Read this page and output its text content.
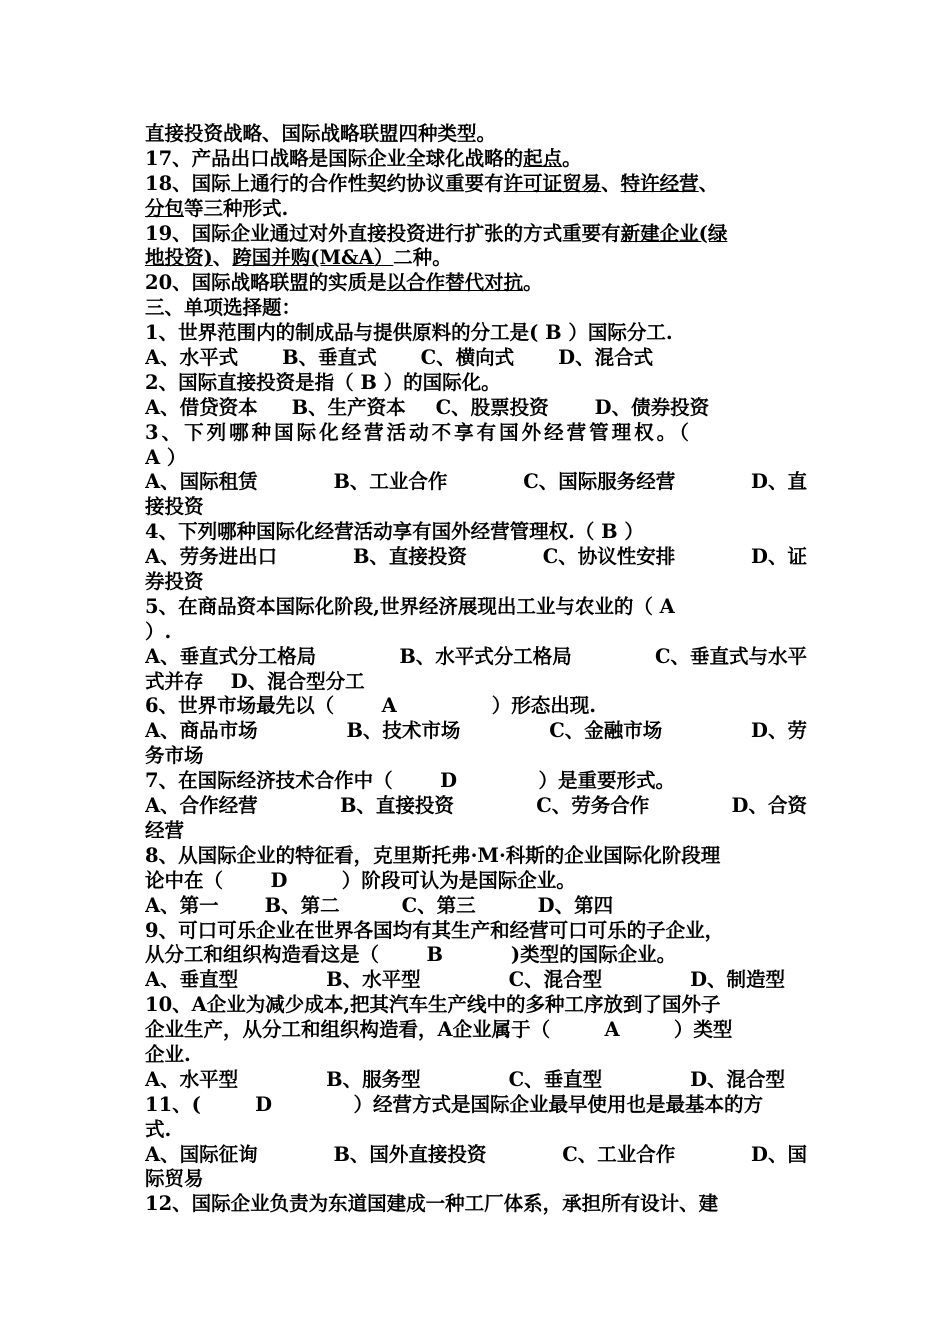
直接投资战略、国际战略联盟四种类型。
17、产品出口战略是国际企业全球化战略的起点。
18、国际上通行的合作性契约协议重要有许可证贸易、特许经营、
分包等三种形式.
19、国际企业通过对外直接投资进行扩张的方式重要有新建企业(绿
地投资)、跨国并购(M&A）二种。
20、国际战略联盟的实质是以合作替代对抗。
三、单项选择题：
1、世界范围内的制成品与提供原料的分工是( B ）国际分工.
A、水平式 B、垂直式 C、横向式 D、混合式
2、国际直接投资是指（ B ）的国际化。
A、借贷资本 B、生产资本 C、股票投资 D、债券投资
3、下列哪种国际化经营活动不享有国外经营管理权。（
A ）
A、国际租赁	B、工业合作	C、国际服务经营	D、直
接投资
4、下列哪种国际化经营活动享有国外经营管理权.（ B ）
A、劳务进出口	B、直接投资	C、协议性安排	D、证
券投资
5、在商品资本国际化阶段,世界经济展现出工业与农业的（ A
）.
A、垂直式分工格局	B、水平式分工格局	C、垂直式与水平
式并存    D、混合型分工
6、世界市场最先以（       A              ）形态出现.
A、商品市场	B、技术市场	C、金融市场	D、劳
务市场
7、在国际经济技术合作中（       D            ）是重要形式。
A、合作经营	B、直接投资	C、劳务合作	D、合资
经营
8、从国际企业的特征看，克里斯托弗·M·科斯的企业国际化阶段理
论中在（       D        ）阶段可认为是国际企业。
A、第一 B、第二	C、第三	D、第四
9、可口可乐企业在世界各国均有其生产和经营可口可乐的子企业，
从分工和组织构造看这是（       B          )类型的国际企业。
A、垂直型	B、水平型	C、混合型	D、制造型
10、A企业为减少成本,把其汽车生产线中的多种工序放到了国外子
企业生产，从分工和组织构造看，A企业属于（        A        ）类型
企业.
A、水平型	B、服务型	C、垂直型	D、混合型
11、(        D            ）经营方式是国际企业最早使用也是最基本的方
式.
A、国际征询	B、国外直接投资	C、工业合作	D、国
际贸易
12、国际企业负责为东道国建成一种工厂体系，承担所有设计、建
